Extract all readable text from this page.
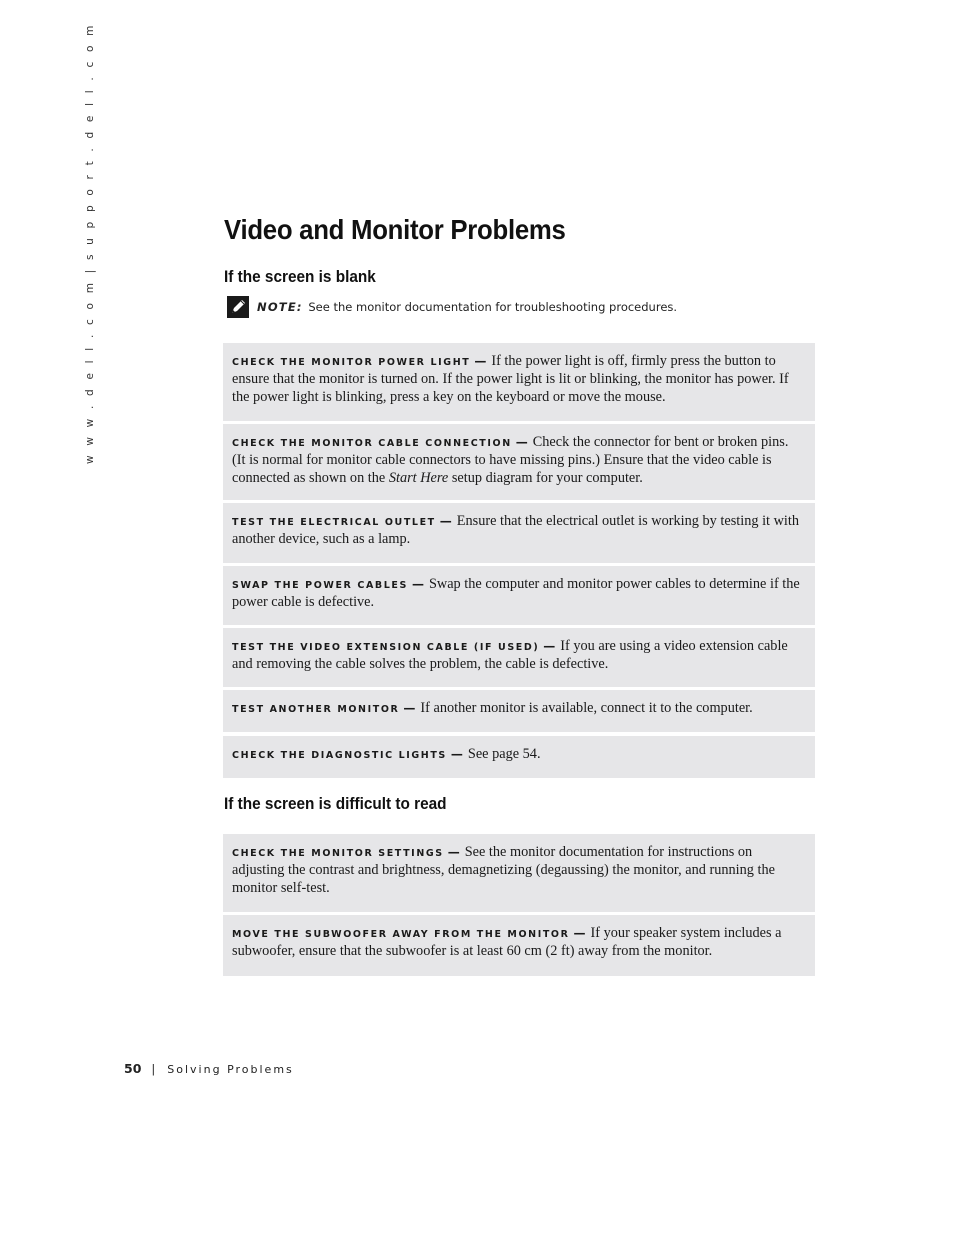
w w w . d e l l . c o m | s u p p o r t . d e l l . c o m	Video and Monitor Problems
If the screen is blank
NOTE: See the monitor documentation for troubleshooting procedures.
CHECK THE MONITOR POWER LIGHT — If the power light is off, firmly press the button to ensure that the monitor is turned on. If the power light is lit or blinking, the monitor has power. If the power light is blinking, press a key on the keyboard or move the mouse.
CHECK THE MONITOR CABLE CONNECTION — Check the connector for bent or broken pins. (It is normal for monitor cable connectors to have missing pins.) Ensure that the video cable is connected as shown on the Start Here setup diagram for your computer.
TEST THE ELECTRICAL OUTLET — Ensure that the electrical outlet is working by testing it with another device, such as a lamp.
SWAP THE POWER CABLES — Swap the computer and monitor power cables to determine if the power cable is defective.
TEST THE VIDEO EXTENSION CABLE (IF USED) — If you are using a video extension cable and removing the cable solves the problem, the cable is defective.
TEST ANOTHER MONITOR — If another monitor is available, connect it to the computer.
CHECK THE DIAGNOSTIC LIGHTS — See page 54.
If the screen is difficult to read
CHECK THE MONITOR SETTINGS — See the monitor documentation for instructions on adjusting the contrast and brightness, demagnetizing (degaussing) the monitor, and running the monitor self-test.
MOVE THE SUBWOOFER AWAY FROM THE MONITOR — If your speaker system includes a subwoofer, ensure that the subwoofer is at least 60 cm (2 ft) away from the monitor.
50 | Solving Problems
